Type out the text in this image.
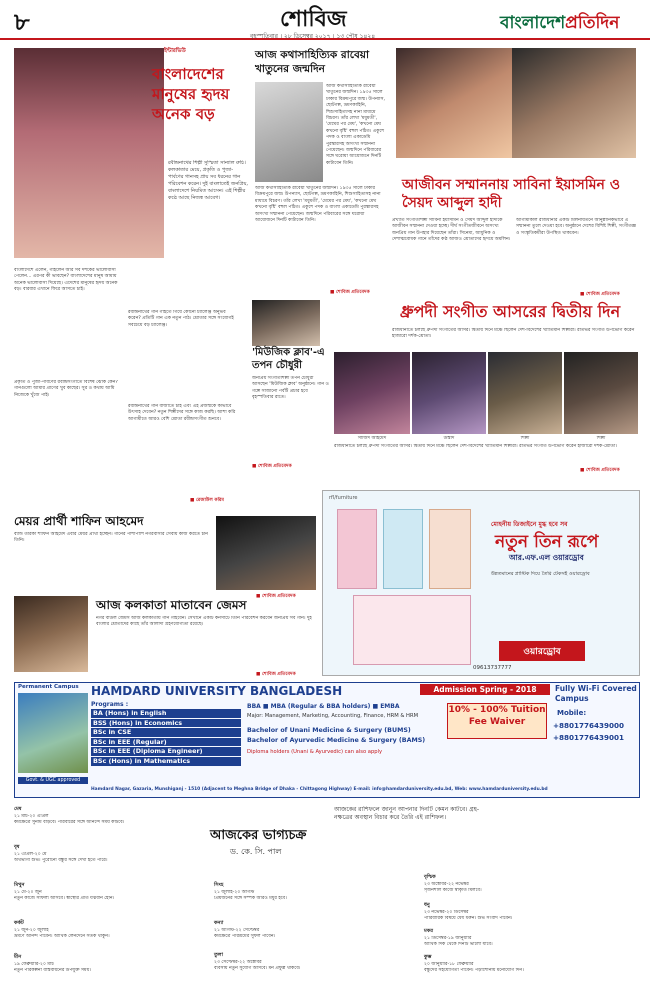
৮	শোবিজ
বৃহস্পতিবার । ২৮ ডিসেম্বর ২০১৭ । ১৩ পৌষ ১৪২৪
বাংলাদেশপ্রতিদিন
ইন্টারভিউ
বাংলাদেশের মানুষের হৃদয় অনেক বড়
রবীন্দ্রনাথের শিল্পী সুস্মিতা সান্যাল রুচি। কলকাতার মেয়ে, প্রকৃতি ও পুজা-পার্বণের গানসহ প্রায় সব ধরনের গান পরিবেশন করেন। দুই বাংলাতেই জনপ্রিয়, বাংলাদেশে নিয়মিত আসেন। এই শিল্পীর কণ্ঠে আছে নিজস্ব আবেগ।
বাংলাদেশে এলেন, গাইলেন আর সব দর্শকের ভালোবাসা পেলেন... এরপর কী ভাবছেন? বাংলাদেশের মানুষ আমায় অনেক ভালোবাসা দিয়েছে। এদেশের মানুষের হৃদয় অনেক বড়। বারবার এখানে ফিরে আসতে চাই।
প্রকৃতি ও পুজা-পার্বণের রবীন্দ্রসংগীতে বিশেষ ঝোঁক কেন? গানগুলো আমার প্রাণের খুব কাছের। সুর ও কথায় আমি নিজেকে খুঁজে পাই।
রবীন্দ্রনাথের গান গাইতে গিয়ে কোনো চ্যালেঞ্জ অনুভব করেন? প্রতিটি গান এক নতুন পাঠ। শ্রোতার সঙ্গে সংযোগই সবচেয়ে বড় চ্যালেঞ্জ।
রবীন্দ্রনাথের গান বাজাতে চাই এবং এই প্রজন্মকে কীভাবে উৎসাহ দেবেন? নতুন শিল্পীদের সঙ্গে কাজ করছি। আশা করি আগামীতে আরও বেশি শ্রোতা রবীন্দ্রসংগীত শুনবে।
■ রেজাউল করিম
আজ কথাসাহিত্যিক রাবেয়া খাতুনের জন্মদিন
আজ কথাসাহিত্যিক রাবেয়া খাতুনের জন্মদিন। ১৯৩৫ সালে ঢাকার বিক্রমপুরে জন্ম। উপন্যাস, ছোটগল্প, ভ্রমণকাহিনি, শিশুসাহিত্যসহ নানা মাধ্যমে বিচরণ। তাঁর লেখা 'মধুমতী', 'মেঘের পর মেঘ', 'কখনো মেঘ কখনো বৃষ্টি' বহুল পঠিত। একুশে পদক ও বাংলা একাডেমি পুরস্কারসহ অসংখ্য সম্মাননা পেয়েছেন। জন্মদিনে পরিবারের সঙ্গে ঘরোয়া আয়োজনে দিনটি কাটাবেন তিনি।
আজ কথাসাহিত্যিক রাবেয়া খাতুনের জন্মদিন। ১৯৩৫ সালে ঢাকার বিক্রমপুরে জন্ম। উপন্যাস, ছোটগল্প, ভ্রমণকাহিনি, শিশুসাহিত্যসহ নানা মাধ্যমে বিচরণ। তাঁর লেখা 'মধুমতী', 'মেঘের পর মেঘ', 'কখনো মেঘ কখনো বৃষ্টি' বহুল পঠিত। একুশে পদক ও বাংলা একাডেমি পুরস্কারসহ অসংখ্য সম্মাননা পেয়েছেন। জন্মদিনে পরিবারের সঙ্গে ঘরোয়া আয়োজনে দিনটি কাটাবেন তিনি।
■ শোবিজ প্রতিবেদক
আজীবন সম্মাননায় সাবিনা ইয়াসমিন ও সৈয়দ আব্দুল হাদী
প্রখ্যাত সংগীতশিল্পী সাবিনা ইয়াসমিন ও সৈয়দ আব্দুল হাদীকে আজীবন সম্মাননা দেওয়া হচ্ছে। দীর্ঘ সংগীতজীবনে অসংখ্য জনপ্রিয় গান উপহার দিয়েছেন তাঁরা। সিনেমা, আধুনিক ও দেশাত্মবোধক গানে তাঁদের কণ্ঠ আজও শ্রোতাদের হৃদয়ে অমলিন।
আগামীকাল রাজধানীর একটি মিলনায়তনে আনুষ্ঠানিকভাবে এ সম্মাননা তুলে দেওয়া হবে। অনুষ্ঠানে দেশের বিশিষ্ট শিল্পী, সংগীতজ্ঞ ও সংস্কৃতিকর্মীরা উপস্থিত থাকবেন।
■ শোবিজ প্রতিবেদক
ধ্রুপদী সংগীত আসরের দ্বিতীয় দিন
রাজধানীতে চলছে ধ্রুপদী সংগীতের আসর। দ্বিতীয় দিনে মঞ্চে ছিলেন দেশ-বিদেশের খ্যাতিমান শিল্পীরা। রাতভর সংগীত উপভোগ করেন হাজারো দর্শক-শ্রোতা।
সাজিদ আহমেদ	উস্তাদ	শিল্পী	শিল্পী
রাজধানীতে চলছে ধ্রুপদী সংগীতের আসর। দ্বিতীয় দিনে মঞ্চে ছিলেন দেশ-বিদেশের খ্যাতিমান শিল্পীরা। রাতভর সংগীত উপভোগ করেন হাজারো দর্শক-শ্রোতা।
■ শোবিজ প্রতিবেদক
'মিউজিক ক্লাব'-এ তপন চৌধুরী
জনপ্রিয় সংগীতশিল্পী তপন চৌধুরী আসছেন 'মিউজিক ক্লাব' অনুষ্ঠানে। গান ও গল্পে সাজানো পর্বটি প্রচার হবে বৃহস্পতিবার রাতে।
■ শোবিজ প্রতিবেদক
মেয়র প্রার্থী শাফিন আহমেদ
ব্যান্ড তারকা শাফিন আহমেদ এবার মেয়র প্রার্থী হচ্ছেন। গানের পাশাপাশি নগরবাসীর সেবায় কাজ করতে চান তিনি।
■ শোবিজ প্রতিবেদক
আজ কলকাতা মাতাবেন জেমস
নগর বাউল জেমস আজ কলকাতায় গান গাইবেন। সেখানে একটি কনসার্টে তিনি পরিবেশন করবেন জনপ্রিয় সব গান। দুই বাংলার শ্রোতাদের কাছে তাঁর আলাদা গ্রহণযোগ্যতা রয়েছে।
■ শোবিজ প্রতিবেদক
rfl/furniture
মোহনীয় ডিজাইনে মুগ্ধ হবে সব
নতুন তিন রূপে
আর.এফ.এল ওয়ারড্রোব
উন্নতমানের প্লাস্টিক দিয়ে তৈরি টেকসই ওয়ারড্রোব
ওয়ারড্রোব
09613737777
Permanent Campus
Govt. & UGC approved
HAMDARD UNIVERSITY BANGLADESH	Admission Spring - 2018	Fully Wi-Fi Covered Campus
Programs :
BA (Hons) in English
BSS (Hons) in Economics
BSc in CSE
BSc in EEE (Regular)
BSc in EEE (Diploma Engineer)
BSc (Hons) in Mathematics
BBA ■ MBA (Regular & BBA holders) ■ EMBA
Major: Management, Marketing, Accounting, Finance, HRM & HRM
Bachelor of Unani Medicine & Surgery (BUMS)
Bachelor of Ayurvedic Medicine & Surgery (BAMS)
Diploma holders (Unani & Ayurvedic) can also apply
10% - 100% Tuition Fee Waiver
Mobile:
+8801776439000
+8801776439001
Hamdard Nagar, Gazaria, Munshiganj - 1510 (Adjacent to Meghna Bridge of Dhaka - Chittagong Highway) E-mail: info@hamdarduniversity.edu.bd, Web: www.hamdarduniversity.edu.bd
আজকের ভাগ্যচক্র
ড. কে. সি. পাল
আজকের রাশিফলে জানুন আপনার দিনটি কেমন কাটবে। গ্রহ-নক্ষত্রের অবস্থান বিচার করে তৈরি এই রাশিফল।
মেষ
২১ মার্চ-২০ এপ্রিল
কর্মক্ষেত্রে সুনাম বাড়বে। পরিবারের সঙ্গে আনন্দে সময় কাটবে।
বৃষ
২১ এপ্রিল-২০ মে
অর্থভাগ্য শুভ। পুরোনো বন্ধুর সঙ্গে দেখা হতে পারে।
মিথুন
২১ মে-২০ জুন
নতুন কাজে সাফল্য আসবে। স্বাস্থ্যের প্রতি যত্নবান হোন।
কর্কট
২১ জুন-২০ জুলাই
ভ্রমণে আনন্দ পাবেন। আর্থিক লেনদেনে সতর্ক থাকুন।
সিংহ
২১ জুলাই-২০ আগস্ট
প্রিয়জনের সঙ্গে সম্পর্ক আরও মধুর হবে।
কন্যা
২১ আগস্ট-২২ সেপ্টেম্বর
কর্মক্ষেত্রে পরিশ্রমের সুফল পাবেন।
তুলা
২৩ সেপ্টেম্বর-২২ অক্টোবর
ব্যবসায় নতুন সুযোগ আসবে। মন প্রফুল্ল থাকবে।
বৃশ্চিক
২৩ অক্টোবর-২২ নভেম্বর
সৃজনশীল কাজে স্বীকৃতি মিলবে।
ধনু
২৩ নভেম্বর-২০ ডিসেম্বর
পারিবারিক বিষয়ে ধৈর্য ধরুন। শুভ সংবাদ পাবেন।
মকর
২১ ডিসেম্বর-১৯ জানুয়ারি
আর্থিক দিক থেকে দিনটি ভালো যাবে।
কুম্ভ
২০ জানুয়ারি-১৮ ফেব্রুয়ারি
বন্ধুদের সহযোগিতা পাবেন। পড়াশোনায় মনোযোগ দিন।
মীন
১৯ ফেব্রুয়ারি-২০ মার্চ
নতুন পরিকল্পনা বাস্তবায়নের উপযুক্ত সময়।
